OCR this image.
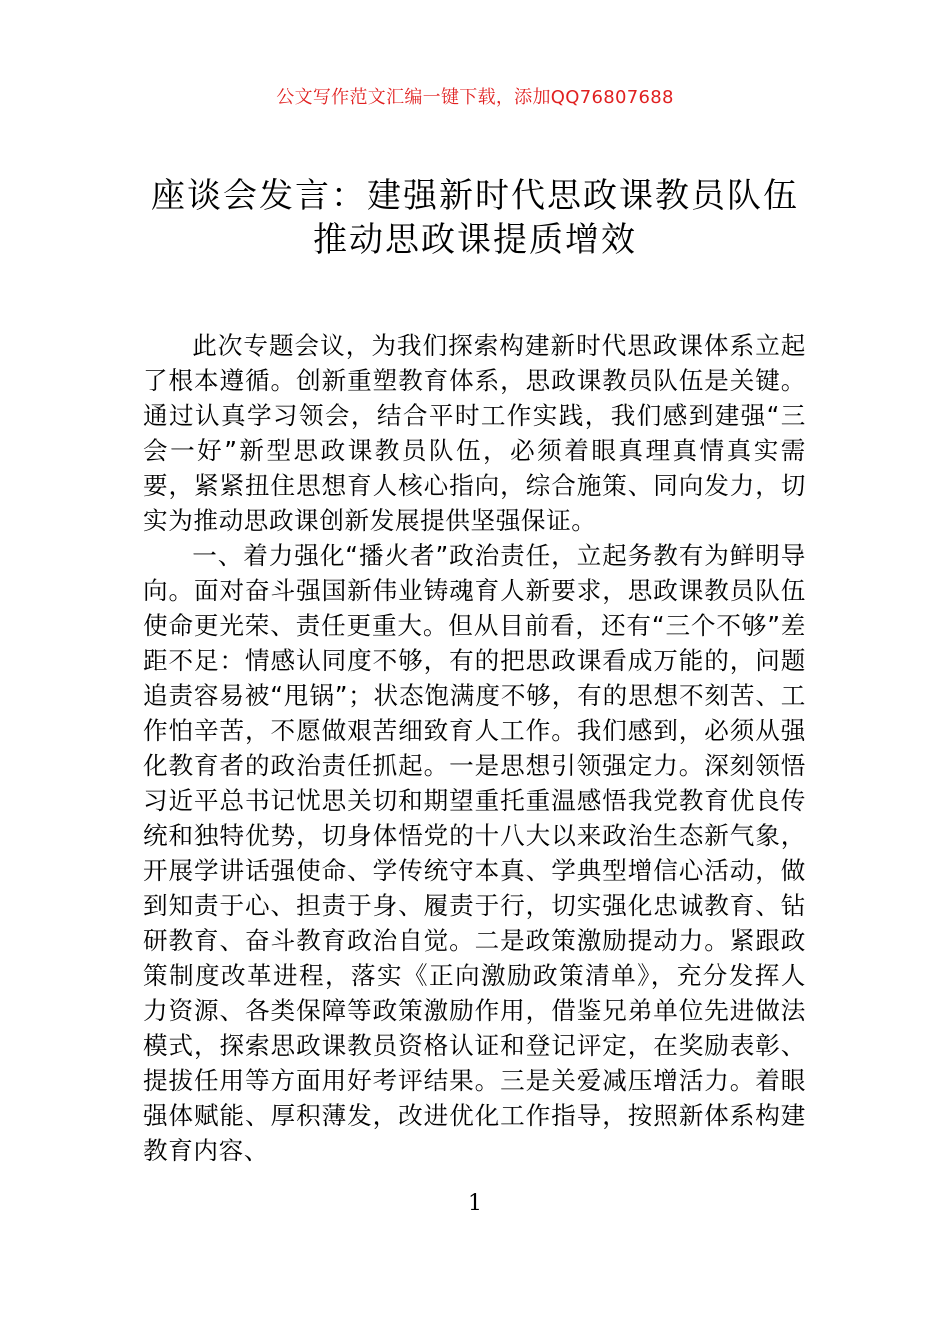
公文写作范文汇编一键下载，添加QQ76807688
座谈会发言：建强新时代思政课教员队伍
推动思政课提质增效

此次专题会议，为我们探索构建新时代思政课体系立起了根本遵循。创新重塑教育体系，思政课教员队伍是关键。通过认真学习领会，结合平时工作实践，我们感到建强“三会一好”新型思政课教员队伍，必须着眼真理真情真实需要，紧紧扭住思想育人核心指向，综合施策、同向发力，切实为推动思政课创新发展提供坚强保证。

一、着力强化“播火者”政治责任，立起务教有为鲜明导向。面对奋斗强国新伟业铸魂育人新要求，思政课教员队伍使命更光荣、责任更重大。但从目前看，还有“三个不够”差距不足：情感认同度不够，有的把思政课看成万能的，问题追责容易被“甩锅”；状态饱满度不够，有的思想不刻苦、工作怕辛苦，不愿做艰苦细致育人工作。我们感到，必须从强化教育者的政治责任抓起。一是思想引领强定力。深刻领悟习近平总书记忧思关切和期望重托重温感悟我党教育优良传统和独特优势，切身体悟党的十八大以来政治生态新气象，开展学讲话强使命、学传统守本真、学典型增信心活动，做到知责于心、担责于身、履责于行，切实强化忠诚教育、钻研教育、奋斗教育政治自觉。二是政策激励提动力。紧跟政策制度改革进程，落实《正向激励政策清单》，充分发挥人力资源、各类保障等政策激励作用，借鉴兄弟单位先进做法模式，探索思政课教员资格认证和登记评定，在奖励表彰、提拔任用等方面用好考评结果。三是关爱减压增活力。着眼强体赋能、厚积薄发，改进优化工作指导，按照新体系构建教育内容、

1
